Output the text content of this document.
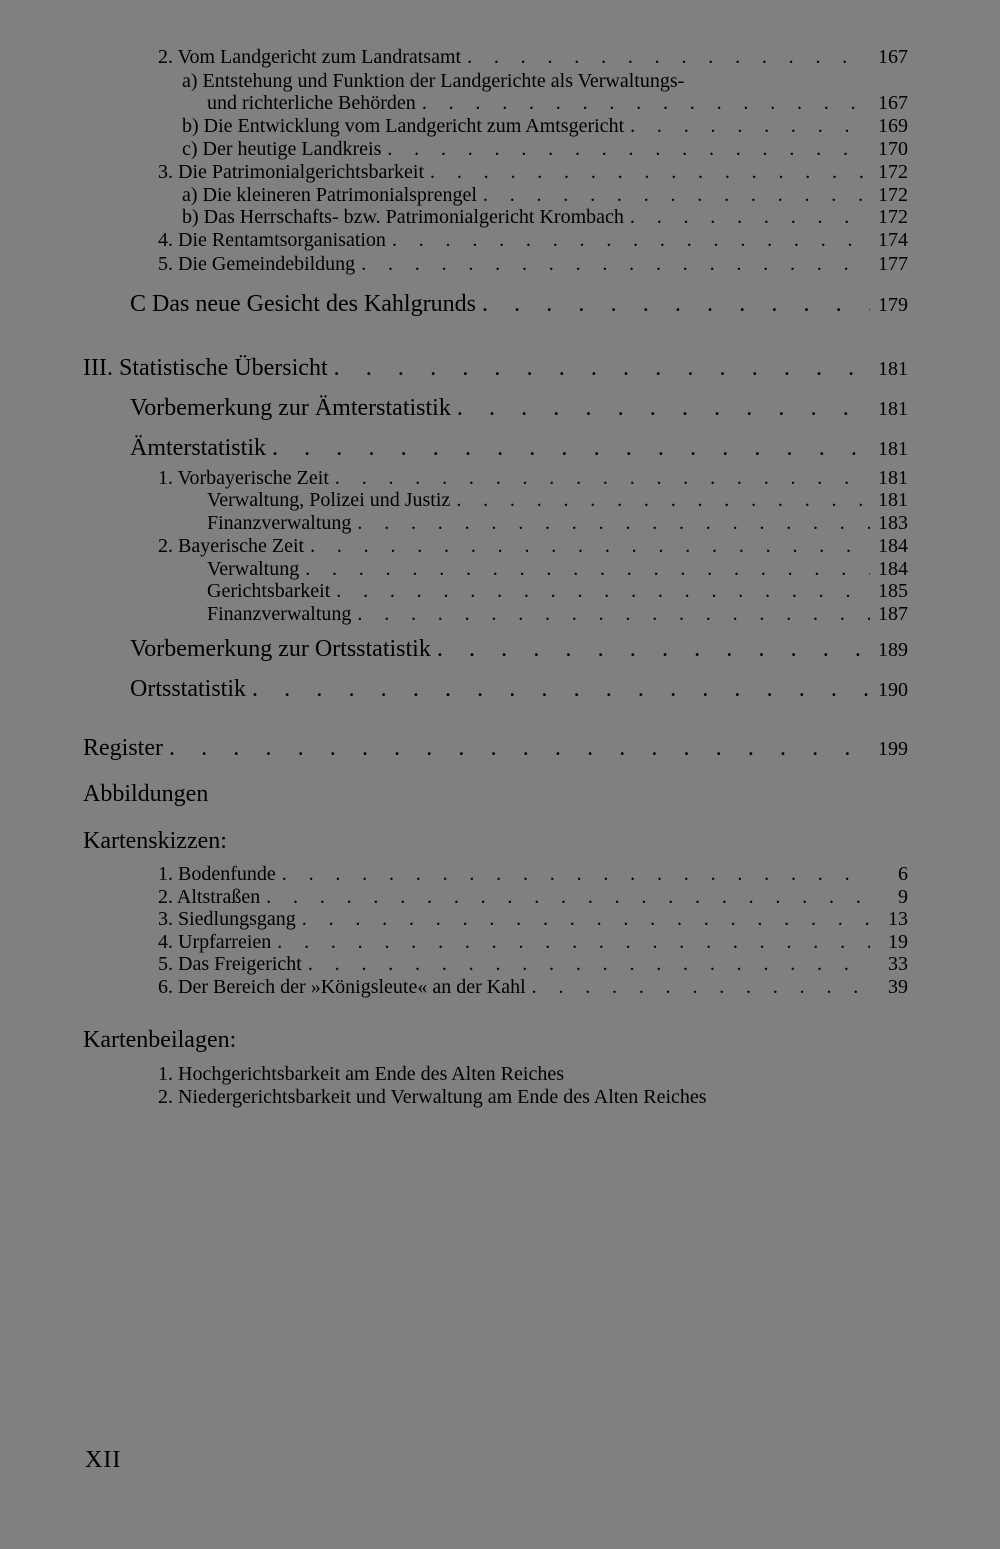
2. Vom Landgericht zum Landratsamt . . .	167
a) Entstehung und Funktion der Landgerichte als Verwaltungs-
und richterliche Behörden . . .	167
b) Die Entwicklung vom Landgericht zum Amtsgericht . . .	169
c) Der heutige Landkreis . . .	170
3. Die Patrimonialgerichtsbarkeit . . .	172
a) Die kleineren Patrimonialsprengel . . .	172
b) Das Herrschafts- bzw. Patrimonialgericht Krombach . . .	172
4. Die Rentamtsorganisation . . .	174
5. Die Gemeindebildung . . .	177
C Das neue Gesicht des Kahlgrunds . . .	179
III. Statistische Übersicht . . .	181
Vorbemerkung zur Ämterstatistik . . .	181
Ämterstatistik . . .	181
1. Vorbayerische Zeit . . .	181
Verwaltung, Polizei und Justiz . . .	181
Finanzverwaltung . . .	183
2. Bayerische Zeit . . .	184
Verwaltung . . .	184
Gerichtsbarkeit . . .	185
Finanzverwaltung . . .	187
Vorbemerkung zur Ortsstatistik . . .	189
Ortsstatistik . . .	190
Register . . .	199
Abbildungen
Kartenskizzen:
1. Bodenfunde . . .	6
2. Altstraßen . . .	9
3. Siedlungsgang . . .	13
4. Urpfarreien . . .	19
5. Das Freigericht . . .	33
6. Der Bereich der »Königsleute« an der Kahl . . .	39
Kartenbeilagen:
1. Hochgerichtsbarkeit am Ende des Alten Reiches
2. Niedergerichtsbarkeit und Verwaltung am Ende des Alten Reiches
XII
